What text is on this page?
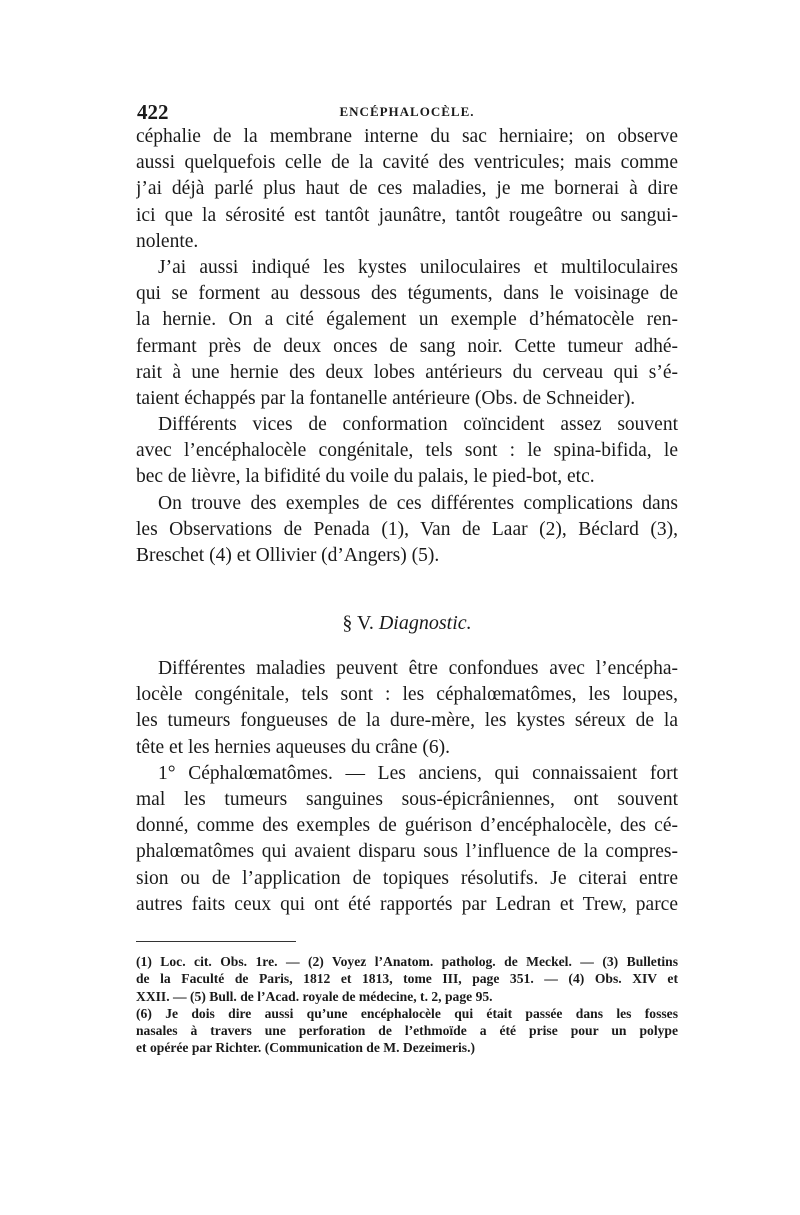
422	ENCÉPHALOCÈLE.
céphalie de la membrane interne du sac herniaire; on observe
aussi quelquefois celle de la cavité des ventricules; mais comme
j’ai déjà parlé plus haut de ces maladies, je me bornerai à dire
ici que la sérosité est tantôt jaunâtre, tantôt rougeâtre ou sangui-
nolente.
J’ai aussi indiqué les kystes uniloculaires et multiloculaires
qui se forment au dessous des téguments, dans le voisinage de
la hernie. On a cité également un exemple d’hématocèle ren-
fermant près de deux onces de sang noir. Cette tumeur adhé-
rait à une hernie des deux lobes antérieurs du cerveau qui s’é-
taient échappés par la fontanelle antérieure (Obs. de Schneider).
Différents vices de conformation coïncident assez souvent
avec l’encéphalocèle congénitale, tels sont : le spina-bifida, le
bec de lièvre, la bifidité du voile du palais, le pied-bot, etc.
On trouve des exemples de ces différentes complications dans
les Observations de Penada (1), Van de Laar (2), Béclard (3),
Breschet (4) et Ollivier (d’Angers) (5).
§ V. Diagnostic.
Différentes maladies peuvent être confondues avec l’encépha-
locèle congénitale, tels sont : les céphalœmatômes, les loupes,
les tumeurs fongueuses de la dure-mère, les kystes séreux de la
tête et les hernies aqueuses du crâne (6).
1° Céphalœmatômes. — Les anciens, qui connaissaient fort
mal les tumeurs sanguines sous-épicrâniennes, ont souvent
donné, comme des exemples de guérison d’encéphalocèle, des cé-
phalœmatômes qui avaient disparu sous l’influence de la compres-
sion ou de l’application de topiques résolutifs. Je citerai entre
autres faits ceux qui ont été rapportés par Ledran et Trew, parce
(1) Loc. cit. Obs. 1re. — (2) Voyez l’Anatom. patholog. de Meckel. — (3) Bulletins
de la Faculté de Paris, 1812 et 1813, tome III, page 351. — (4) Obs. XIV et
XXII. — (5) Bull. de l’Acad. royale de médecine, t. 2, page 95.
(6) Je dois dire aussi qu’une encéphalocèle qui était passée dans les fosses
nasales à travers une perforation de l’ethmoïde a été prise pour un polype
et opérée par Richter. (Communication de M. Dezeimeris.)
